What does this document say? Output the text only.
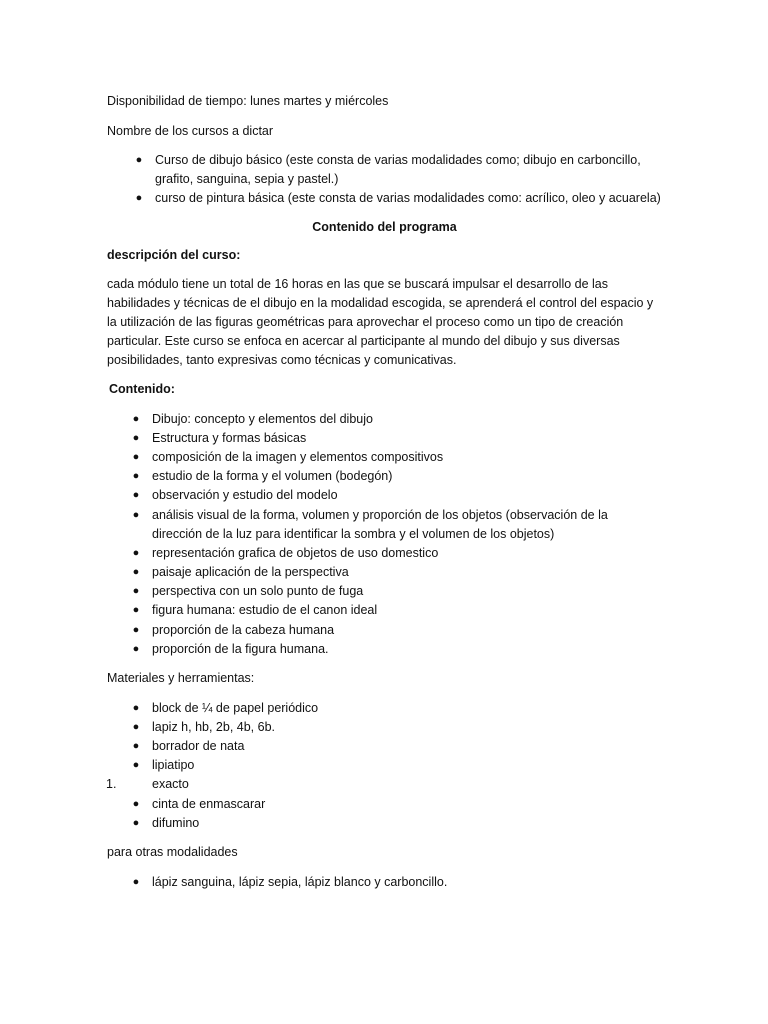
Disponibilidad de tiempo: lunes martes y miércoles
Nombre de los cursos a dictar
● Curso de dibujo básico (este consta de varias modalidades como; dibujo en carboncillo,
grafito, sanguina, sepia y pastel.)
● curso de pintura básica (este consta de varias modalidades como: acrílico, oleo y acuarela)
Contenido del programa
descripción del curso:
cada módulo tiene un total de 16 horas en las que se buscará impulsar el desarrollo de las
habilidades y técnicas de el dibujo en la modalidad escogida, se aprenderá el control del espacio y
la utilización de las figuras geométricas para aprovechar el proceso como un tipo de creación
particular. Este curso se enfoca en acercar al participante al mundo del dibujo y sus diversas
posibilidades, tanto expresivas como técnicas y comunicativas.
Contenido:
● Dibujo: concepto y elementos del dibujo
● Estructura y formas básicas
● composición de la imagen y elementos compositivos
● estudio de la forma y el volumen (bodegón)
● observación y estudio del modelo
● análisis visual de la forma, volumen y proporción de los objetos (observación de la
dirección de la luz para identificar la sombra y el volumen de los objetos)
● representación grafica de objetos de uso domestico
● paisaje aplicación de la perspectiva
● perspectiva con un solo punto de fuga
● figura humana: estudio de el canon ideal
● proporción de la cabeza humana
● proporción de la figura humana.
Materiales y herramientas:
● block de ¼ de papel periódico
● lapiz h, hb, 2b, 4b, 6b.
● borrador de nata
● lipiatipo
1.	exacto
● cinta de enmascarar
● difumino
para otras modalidades
● lápiz sanguina, lápiz sepia, lápiz blanco y carboncillo.
